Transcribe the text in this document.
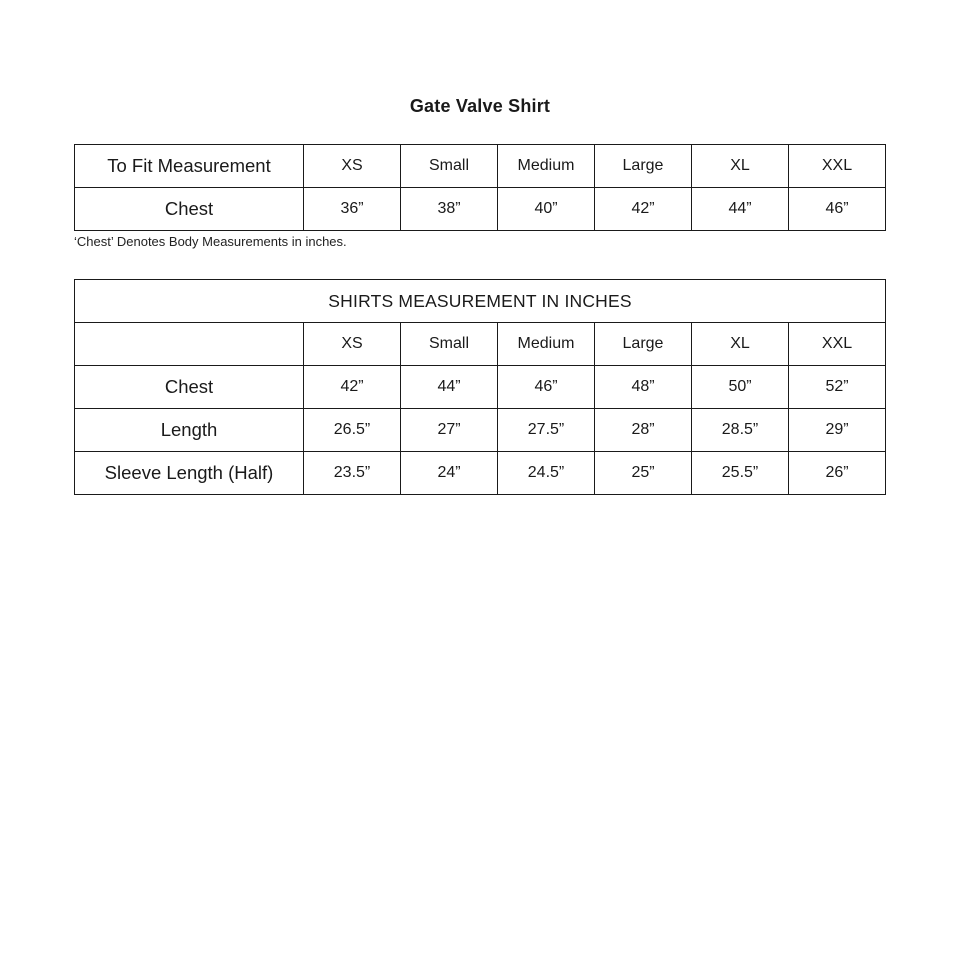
Gate Valve Shirt
To Fit Measurement	XS	Small	Medium	Large	XL	XXL
Chest	36”	38”	40”	42”	44”	46”
‘Chest’ Denotes Body Measurements in inches.
SHIRTS MEASUREMENT IN INCHES						
	XS	Small	Medium	Large	XL	XXL
Chest	42”	44”	46”	48”	50”	52”
Length	26.5”	27”	27.5”	28”	28.5”	29”
Sleeve Length (Half)	23.5”	24”	24.5”	25”	25.5”	26”
